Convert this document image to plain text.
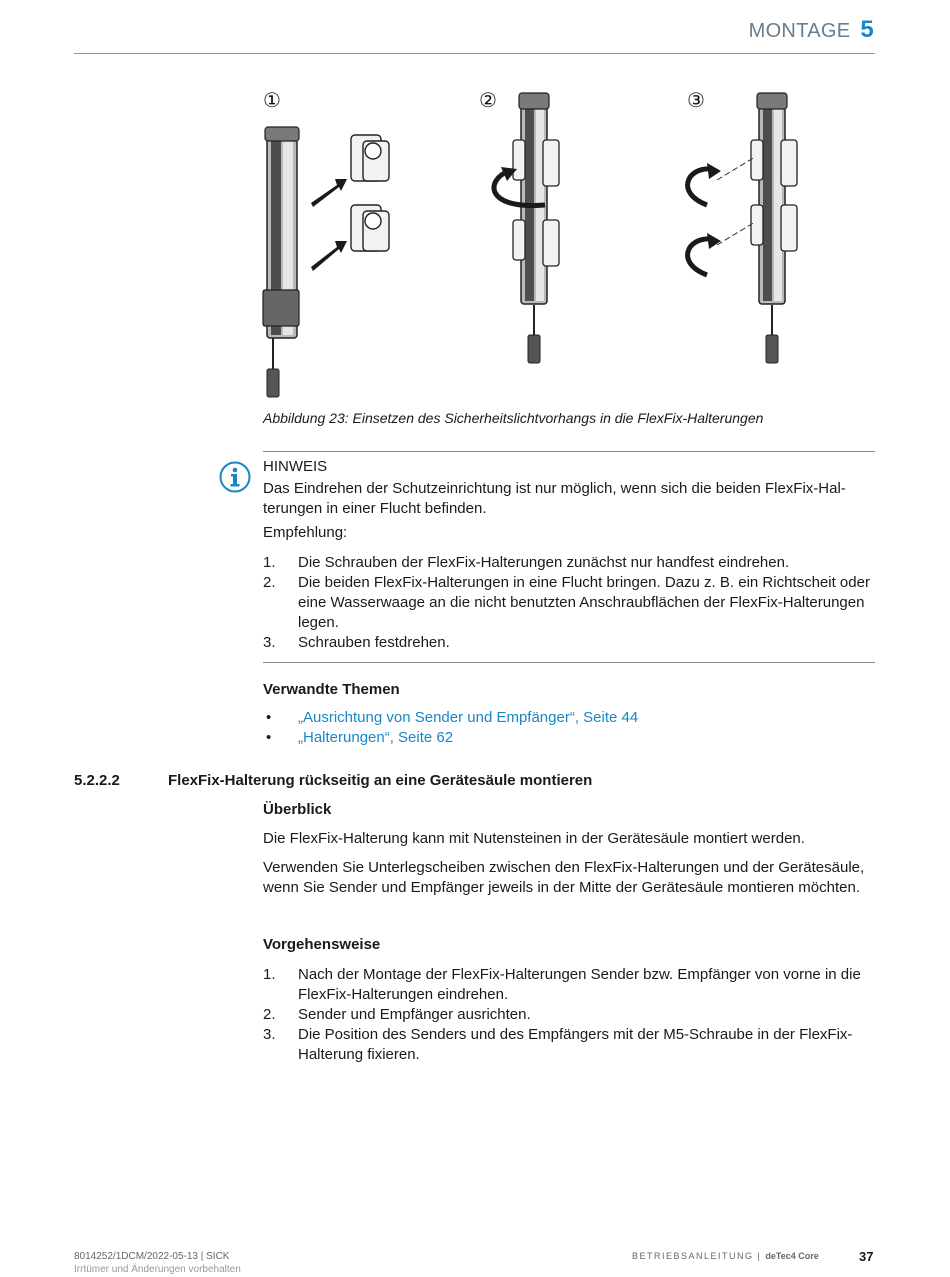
MONTAGE 5
①	②	③
Abbildung 23: Einsetzen des Sicherheitslichtvorhangs in die FlexFix-Halterungen
HINWEIS
Das Eindrehen der Schutzeinrichtung ist nur möglich, wenn sich die beiden FlexFix-Halterungen in einer Flucht befinden.
Empfehlung:
1. Die Schrauben der FlexFix-Halterungen zunächst nur handfest eindrehen.
2. Die beiden FlexFix-Halterungen in eine Flucht bringen. Dazu z. B. ein Richtscheit oder eine Wasserwaage an die nicht benutzten Anschraubflächen der FlexFix-Halterungen legen.
3. Schrauben festdrehen.
Verwandte Themen
• „Ausrichtung von Sender und Empfänger“, Seite 44
• „Halterungen“, Seite 62
5.2.2.2	FlexFix-Halterung rückseitig an eine Gerätesäule montieren
Überblick
Die FlexFix-Halterung kann mit Nutensteinen in der Gerätesäule montiert werden.
Verwenden Sie Unterlegscheiben zwischen den FlexFix-Halterungen und der Gerätesäule, wenn Sie Sender und Empfänger jeweils in der Mitte der Gerätesäule montieren möchten.
Vorgehensweise
1. Nach der Montage der FlexFix-Halterungen Sender bzw. Empfänger von vorne in die FlexFix-Halterungen eindrehen.
2. Sender und Empfänger ausrichten.
3. Die Position des Senders und des Empfängers mit der M5-Schraube in der FlexFix-Halterung fixieren.
8014252/1DCM/2022-05-13 | SICK
Irrtümer und Änderungen vorbehalten
BETRIEBSANLEITUNG | deTec4 Core	37
